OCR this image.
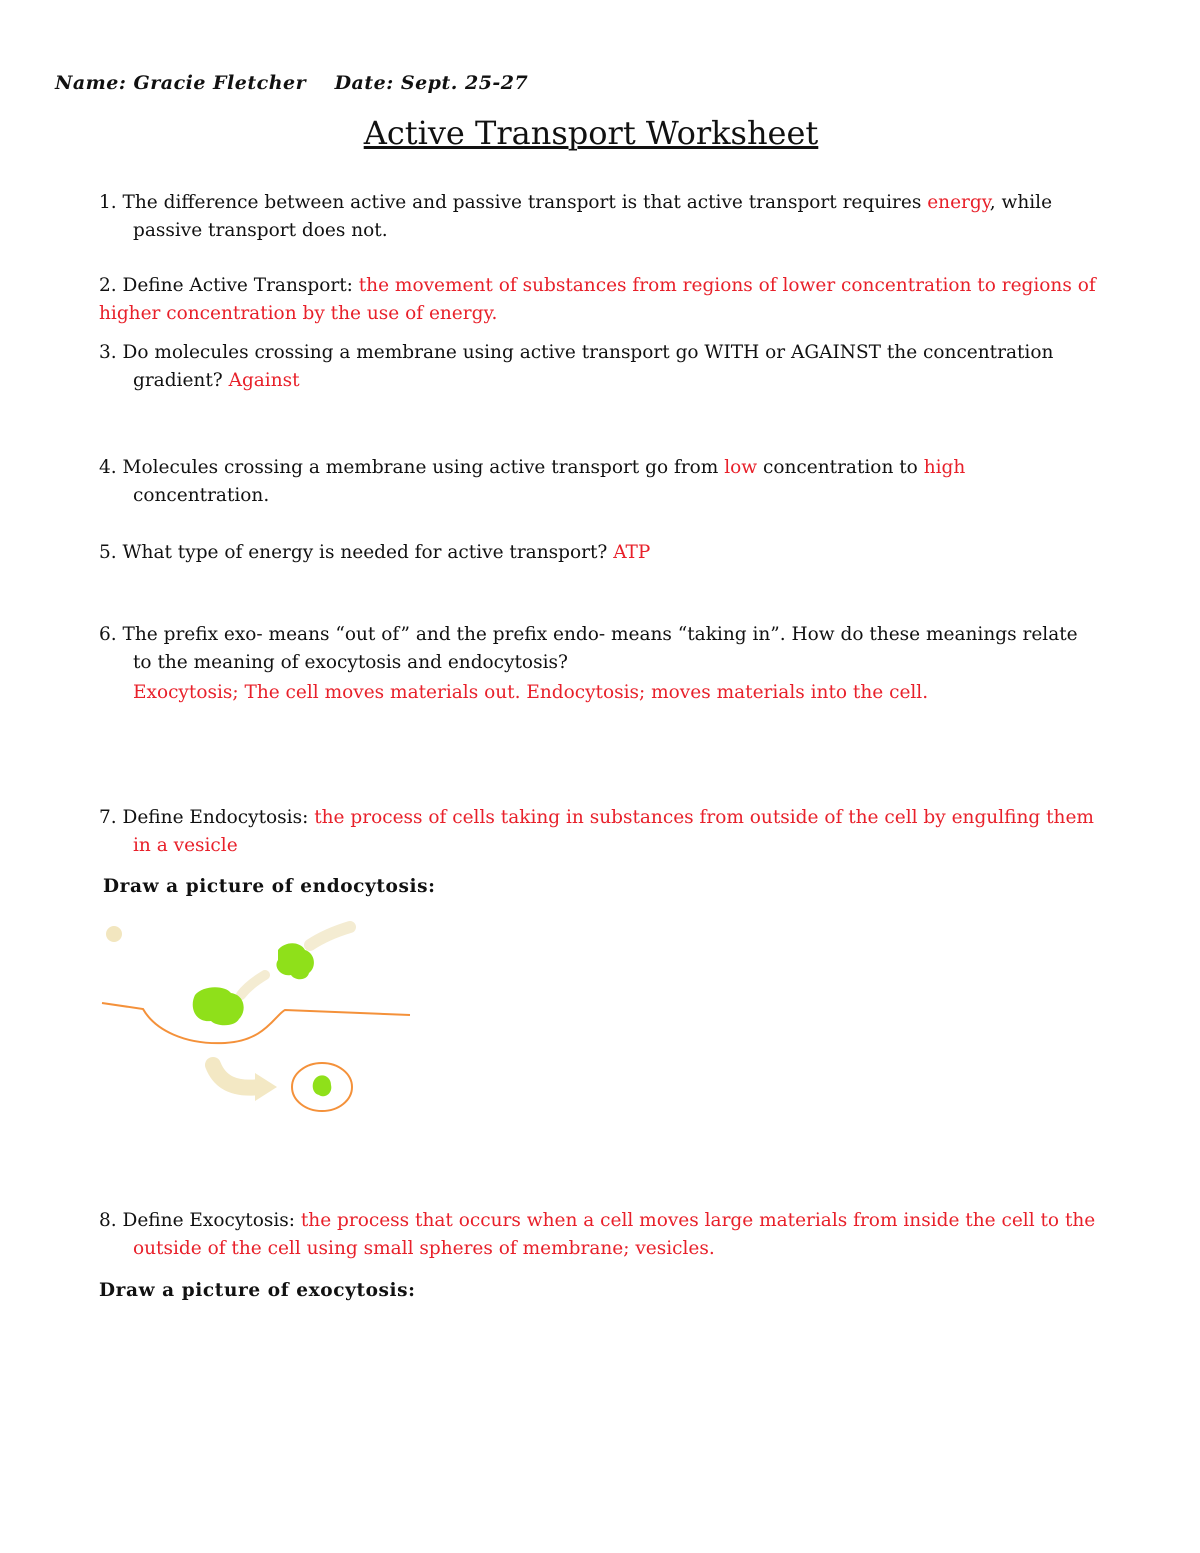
Name: Gracie Fletcher Date: Sept. 25-27
Active Transport Worksheet
1. The difference between active and passive transport is that active transport requires energy, while
passive transport does not.
2. Define Active Transport: the movement of substances from regions of lower concentration to regions of
higher concentration by the use of energy.
3. Do molecules crossing a membrane using active transport go WITH or AGAINST the concentration
gradient? Against
4. Molecules crossing a membrane using active transport go from low concentration to high
concentration.
5. What type of energy is needed for active transport? ATP
6. The prefix exo- means “out of” and the prefix endo- means “taking in”. How do these meanings relate
to the meaning of exocytosis and endocytosis?
Exocytosis; The cell moves materials out. Endocytosis; moves materials into the cell.
7. Define Endocytosis: the process of cells taking in substances from outside of the cell by engulfing them
in a vesicle
Draw a picture of endocytosis:
8. Define Exocytosis: the process that occurs when a cell moves large materials from inside the cell to the
outside of the cell using small spheres of membrane; vesicles.
Draw a picture of exocytosis:
